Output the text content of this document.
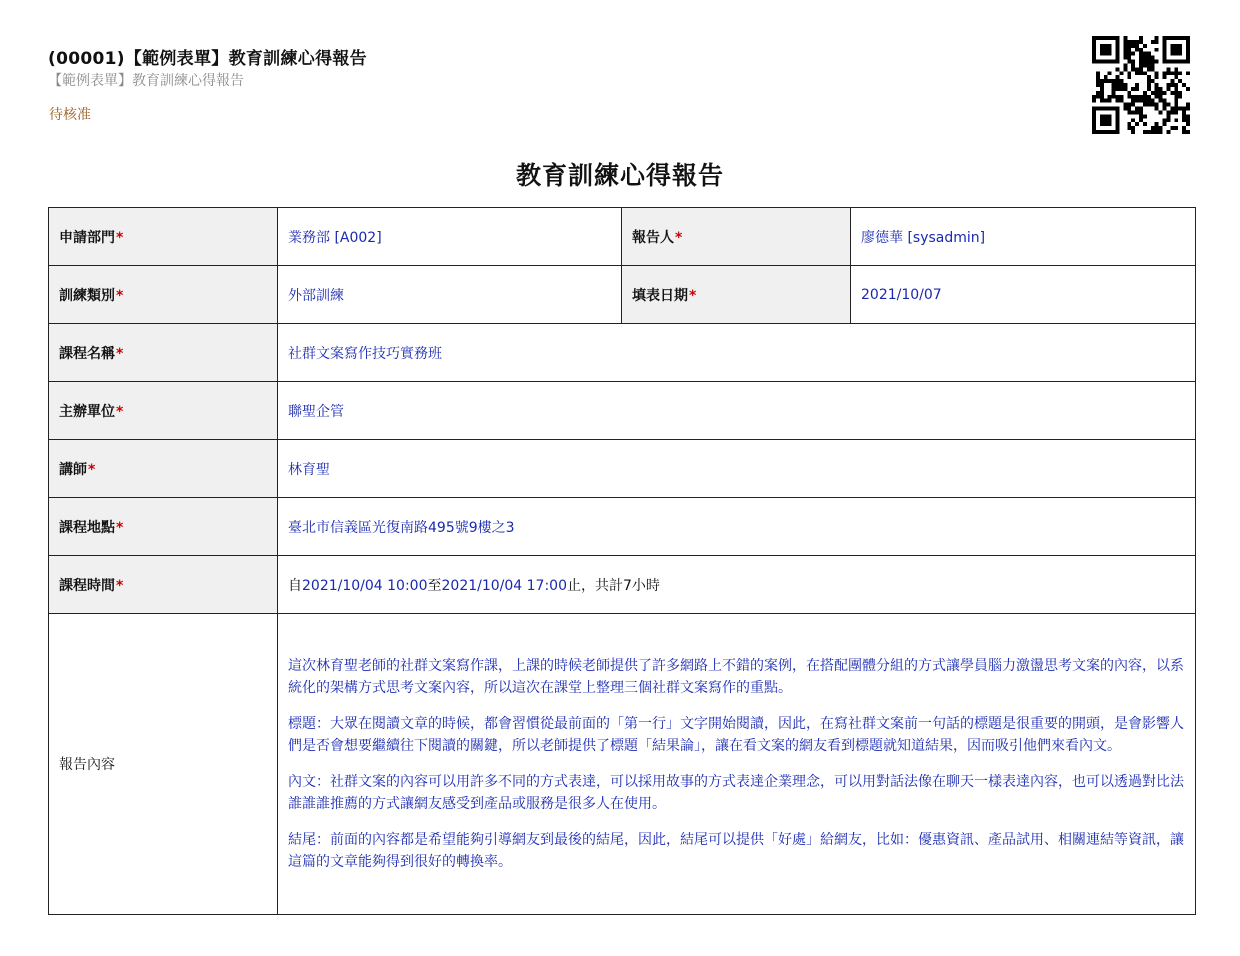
(00001)【範例表單】教育訓練心得報告
【範例表單】教育訓練心得報告
待核准
教育訓練心得報告
申請部門*	業務部 [A002]	報告人*	廖德華 [sysadmin]
訓練類別*	外部訓練	填表日期*	2021/10/07
課程名稱*	社群文案寫作技巧實務班		
主辦單位*	聯聖企管		
講師*	林育聖		
課程地點*	臺北市信義區光復南路495號9樓之3		
課程時間*	自2021/10/04 10:00至2021/10/04 17:00止，共計7小時		
報告內容	這次林育聖老師的社群文案寫作課，上課的時候老師提供了許多網路上不錯的案例，在搭配團體分組的方式讓學員腦力激盪思考文案的內容，以系統化的架構方式思考文案內容，所以這次在課堂上整理三個社群文案寫作的重點。

標題：大眾在閱讀文章的時候，都會習慣從最前面的「第一行」文字開始閱讀，因此，在寫社群文案前一句話的標題是很重要的開頭，是會影響人們是否會想要繼續往下閱讀的關鍵，所以老師提供了標題「結果論」，讓在看文案的網友看到標題就知道結果，因而吸引他們來看內文。

內文：社群文案的內容可以用許多不同的方式表達，可以採用故事的方式表達企業理念，可以用對話法像在聊天一樣表達內容，也可以透過對比法誰誰誰推薦的方式讓網友感受到產品或服務是很多人在使用。

結尾：前面的內容都是希望能夠引導網友到最後的結尾，因此，結尾可以提供「好處」給網友，比如：優惠資訊、產品試用、相關連結等資訊，讓這篇的文章能夠得到很好的轉換率。		
